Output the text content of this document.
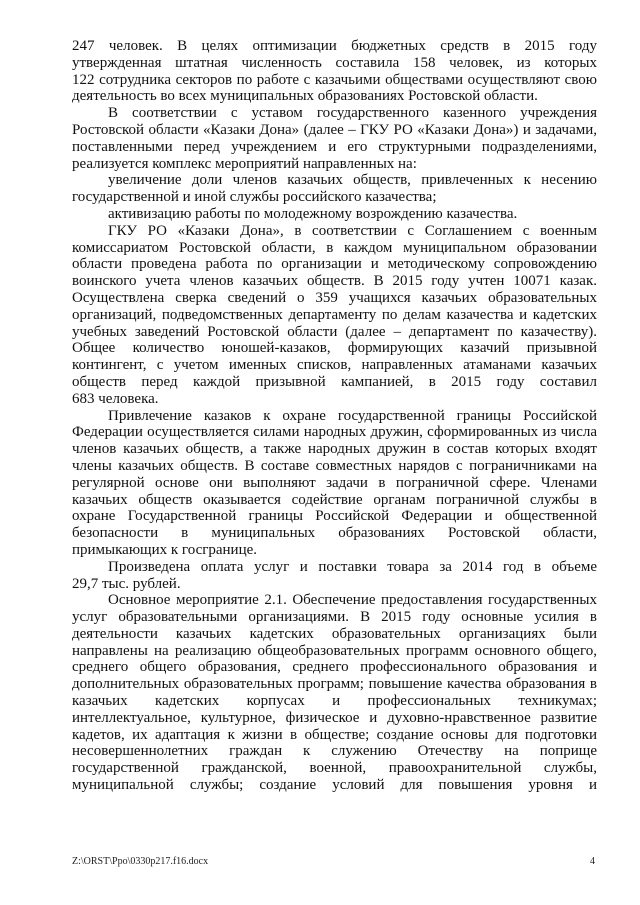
247 человек. В целях оптимизации бюджетных средств в 2015 году
утвержденная штатная численность составила 158 человек, из которых
122 сотрудника секторов по работе с казачьими обществами осуществляют свою
деятельность во всех муниципальных образованиях Ростовской области.
В соответствии с уставом государственного казенного учреждения
Ростовской области «Казаки Дона» (далее – ГКУ РО «Казаки Дона») и задачами,
поставленными перед учреждением и его структурными подразделениями,
реализуется комплекс мероприятий направленных на:
увеличение доли членов казачьих обществ, привлеченных к несению
государственной и иной службы российского казачества;
активизацию работы по молодежному возрождению казачества.
ГКУ РО «Казаки Дона», в соответствии с Соглашением с военным
комиссариатом Ростовской области, в каждом муниципальном образовании
области проведена работа по организации и методическому сопровождению
воинского учета членов казачьих обществ. В 2015 году учтен 10071 казак.
Осуществлена сверка сведений о 359 учащихся казачьих образовательных
организаций, подведомственных департаменту по делам казачества и кадетских
учебных заведений Ростовской области (далее – департамент по казачеству).
Общее количество юношей-казаков, формирующих казачий призывной
контингент, с учетом именных списков, направленных атаманами казачьих
обществ перед каждой призывной кампанией, в 2015 году составил
683 человека.
Привлечение казаков к охране государственной границы Российской
Федерации осуществляется силами народных дружин, сформированных из числа
членов казачьих обществ, а также народных дружин в состав которых входят
члены казачьих обществ. В составе совместных нарядов с пограничниками на
регулярной основе они выполняют задачи в пограничной сфере. Членами
казачьих обществ оказывается содействие органам пограничной службы в
охране Государственной границы Российской Федерации и общественной
безопасности в муниципальных образованиях Ростовской области,
примыкающих к госгранице.
Произведена оплата услуг и поставки товара за 2014 год в объеме
29,7 тыс. рублей.
Основное мероприятие 2.1. Обеспечение предоставления государственных
услуг образовательными организациями. В 2015 году основные усилия в
деятельности казачьих кадетских образовательных организациях были
направлены на реализацию общеобразовательных программ основного общего,
среднего общего образования, среднего профессионального образования и
дополнительных образовательных программ; повышение качества образования в
казачьих кадетских корпусах и профессиональных техникумах;
интеллектуальное, культурное, физическое и духовно-нравственное развитие
кадетов, их адаптация к жизни в обществе; создание основы для подготовки
несовершеннолетних граждан к служению Отечеству на поприще
государственной гражданской, военной, правоохранительной службы,
муниципальной службы; создание условий для повышения уровня и
Z:\ORST\Ppo\0330p217.f16.docx	4
